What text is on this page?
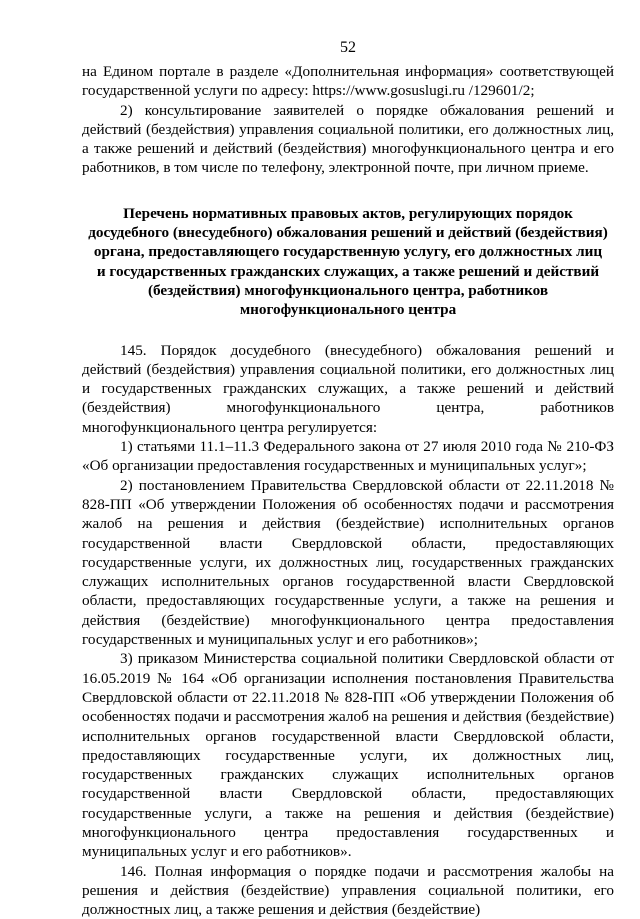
52

на Едином портале в разделе «Дополнительная информация» соответствующей государственной услуги по адресу: https://www.gosuslugi.ru /129601/2;

2) консультирование заявителей о порядке обжалования решений и действий (бездействия) управления социальной политики, его должностных лиц, а также решений и действий (бездействия) многофункционального центра и его работников, в том числе по телефону, электронной почте, при личном приеме.

Перечень нормативных правовых актов, регулирующих порядок
досудебного (внесудебного) обжалования решений и действий (бездействия)
органа, предоставляющего государственную услугу, его должностных лиц
и государственных гражданских служащих, а также решений и действий
(бездействия) многофункционального центра, работников
многофункционального центра

145. Порядок досудебного (внесудебного) обжалования решений и действий (бездействия) управления социальной политики, его должностных лиц и государственных гражданских служащих, а также решений и действий (бездействия) многофункционального центра, работников многофункционального центра регулируется:

1) статьями 11.1–11.3 Федерального закона от 27 июля 2010 года № 210-ФЗ «Об организации предоставления государственных и муниципальных услуг»;

2) постановлением Правительства Свердловской области от 22.11.2018 № 828-ПП «Об утверждении Положения об особенностях подачи и рассмотрения жалоб на решения и действия (бездействие) исполнительных органов государственной власти Свердловской области, предоставляющих государственные услуги, их должностных лиц, государственных гражданских служащих исполнительных органов государственной власти Свердловской области, предоставляющих государственные услуги, а также на решения и действия (бездействие) многофункционального центра предоставления государственных и муниципальных услуг и его работников»;

3) приказом Министерства социальной политики Свердловской области от 16.05.2019 № 164 «Об организации исполнения постановления Правительства Свердловской области от 22.11.2018 № 828-ПП «Об утверждении Положения об особенностях подачи и рассмотрения жалоб на решения и действия (бездействие) исполнительных органов государственной власти Свердловской области, предоставляющих государственные услуги, их должностных лиц, государственных гражданских служащих исполнительных органов государственной власти Свердловской области, предоставляющих государственные услуги, а также на решения и действия (бездействие) многофункционального центра предоставления государственных и муниципальных услуг и его работников».

146. Полная информация о порядке подачи и рассмотрения жалобы на решения и действия (бездействие) управления социальной политики, его должностных лиц, а также решения и действия (бездействие)
